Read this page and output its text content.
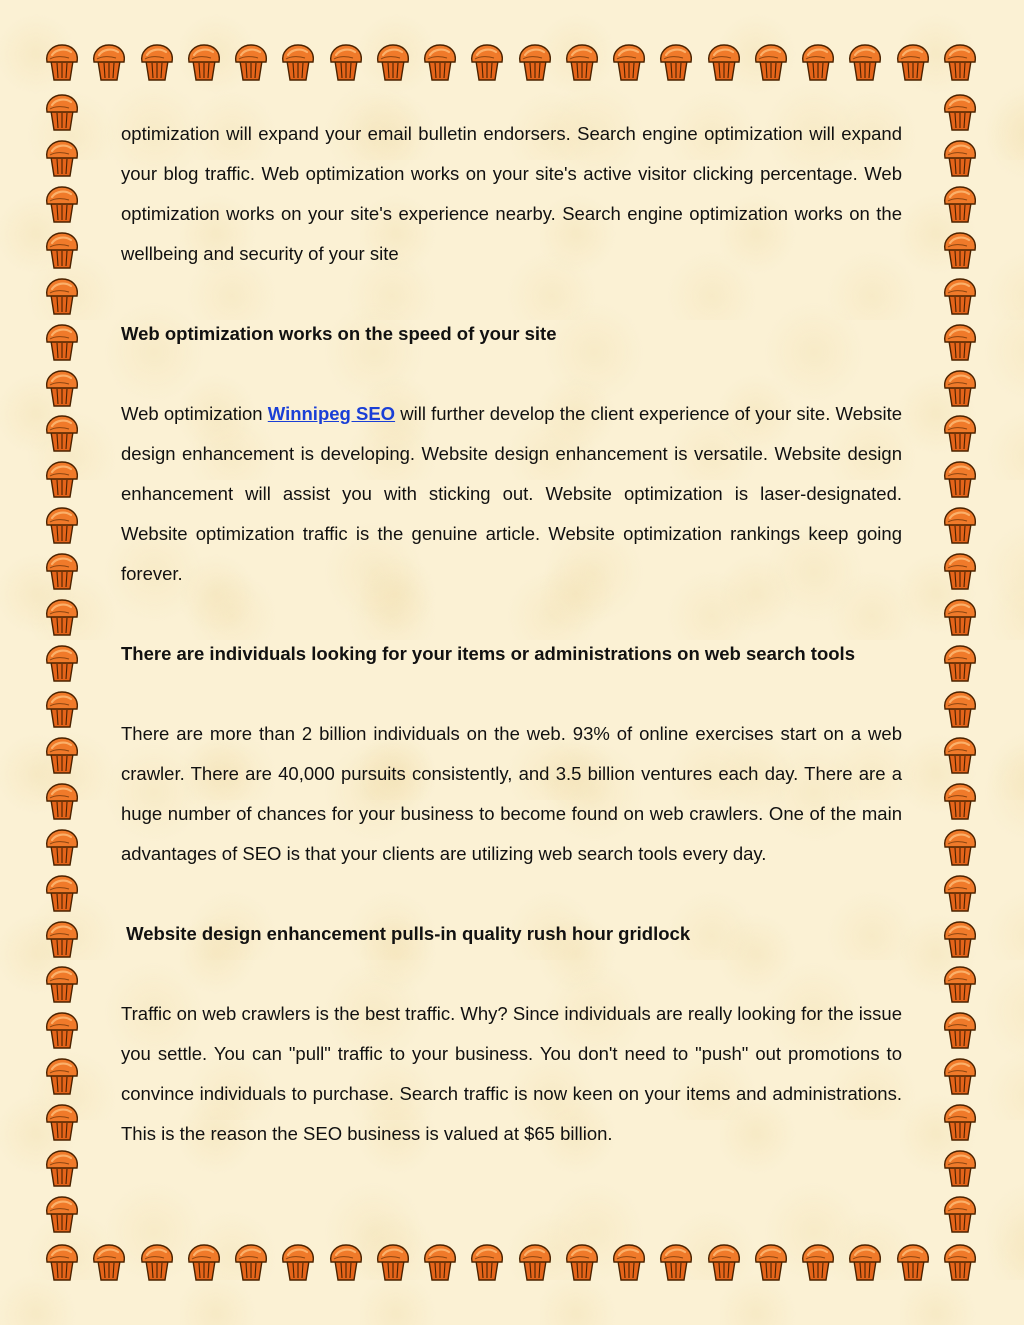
optimization will expand your email bulletin endorsers. Search engine optimization will expand your blog traffic. Web optimization works on your site's active visitor clicking percentage. Web optimization works on your site's experience nearby. Search engine optimization works on the wellbeing and security of your site

Web optimization works on the speed of your site

Web optimization Winnipeg SEO will further develop the client experience of your site. Website design enhancement is developing. Website design enhancement is versatile. Website design enhancement will assist you with sticking out. Website optimization is laser-designated. Website optimization traffic is the genuine article. Website optimization rankings keep going forever.

There are individuals looking for your items or administrations on web search tools

There are more than 2 billion individuals on the web. 93% of online exercises start on a web crawler. There are 40,000 pursuits consistently, and 3.5 billion ventures each day. There are a huge number of chances for your business to become found on web crawlers. One of the main advantages of SEO is that your clients are utilizing web search tools every day.

Website design enhancement pulls-in quality rush hour gridlock

Traffic on web crawlers is the best traffic. Why? Since individuals are really looking for the issue you settle. You can "pull" traffic to your business. You don't need to "push" out promotions to convince individuals to purchase. Search traffic is now keen on your items and administrations. This is the reason the SEO business is valued at $65 billion.
